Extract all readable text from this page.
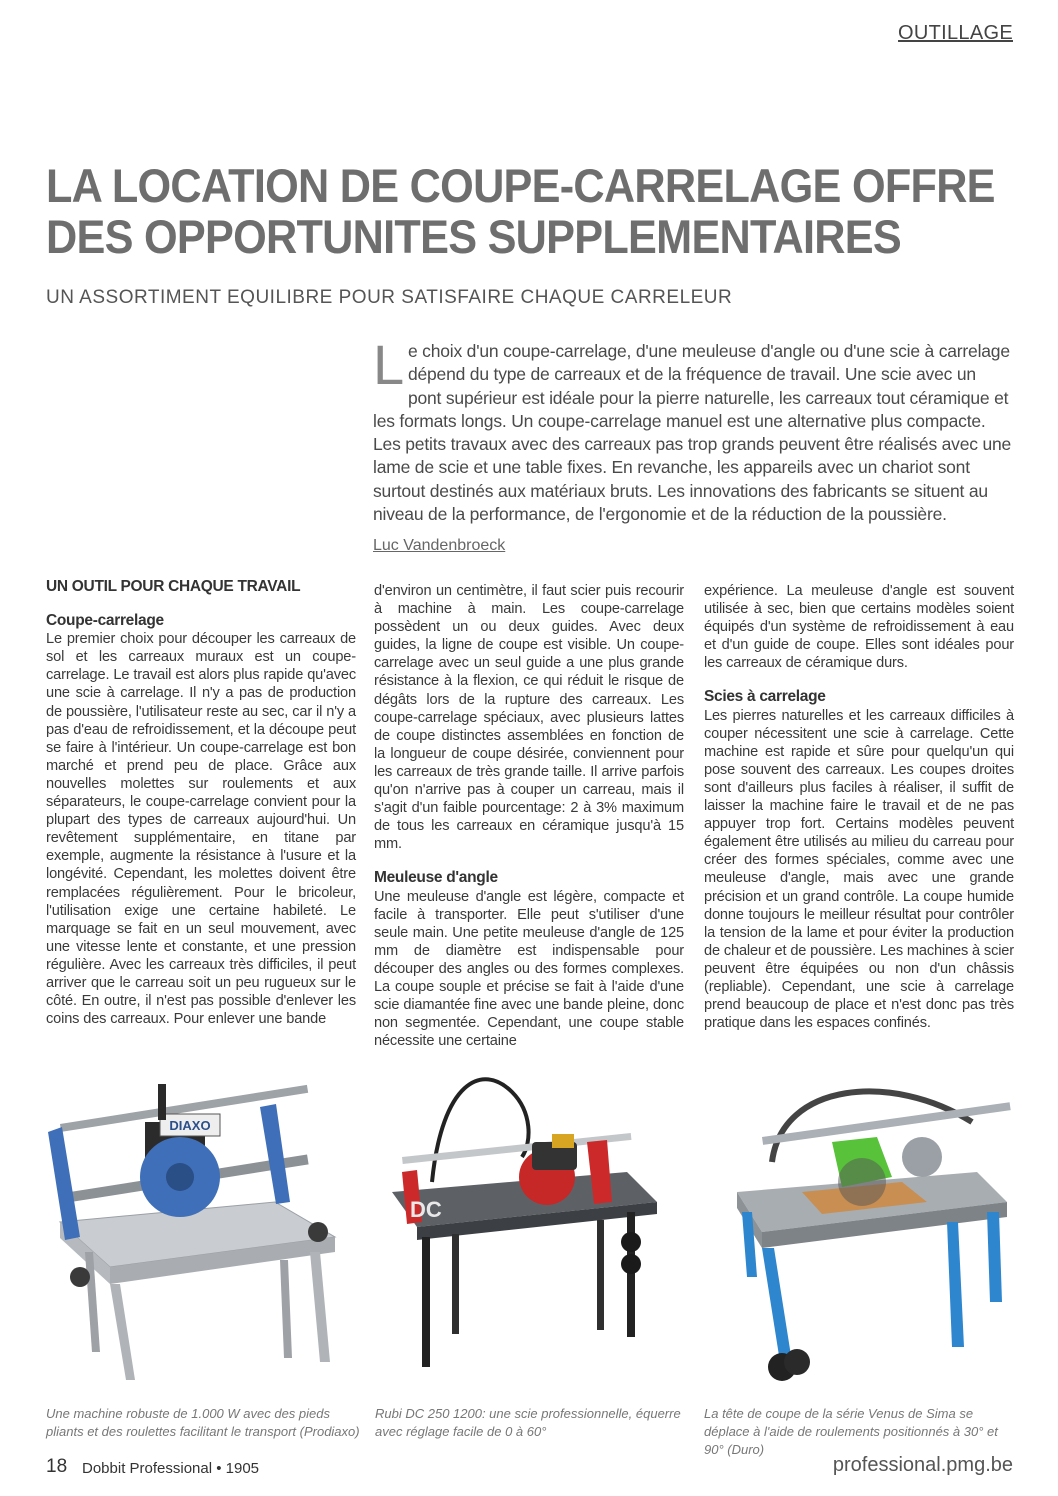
OUTILLAGE
LA LOCATION DE COUPE-CARRELAGE OFFRE
DES OPPORTUNITES SUPPLEMENTAIRES
UN ASSORTIMENT EQUILIBRE POUR SATISFAIRE CHAQUE CARRELEUR
L e choix d'un coupe-carrelage, d'une meuleuse d'angle ou d'une scie à carrelage dépend du type de carreaux et de la fréquence de travail. Une scie avec un pont supérieur est idéale pour la pierre naturelle, les carreaux tout céramique et les formats longs. Un coupe-carrelage manuel est une alternative plus compacte. Les petits travaux avec des carreaux pas trop grands peuvent être réalisés avec une lame de scie et une table fixes. En revanche, les appareils avec un chariot sont surtout destinés aux matériaux bruts. Les innovations des fabricants se situent au niveau de la performance, de l'ergonomie et de la réduction de la poussière.
Luc Vandenbroeck
UN OUTIL POUR CHAQUE TRAVAIL
Coupe-carrelage

Le premier choix pour découper les carreaux de sol et les carreaux muraux est un coupe-carrelage. Le travail est alors plus rapide qu'avec une scie à carrelage. Il n'y a pas de production de poussière, l'utilisateur reste au sec, car il n'y a pas d'eau de refroidissement, et la découpe peut se faire à l'intérieur. Un coupe-carrelage est bon marché et prend peu de place. Grâce aux nouvelles molettes sur roulements et aux séparateurs, le coupe-carrelage convient pour la plupart des types de carreaux aujourd'hui. Un revêtement supplémentaire, en titane par exemple, augmente la résistance à l'usure et la longévité. Cependant, les molettes doivent être remplacées régulièrement. Pour le bricoleur, l'utilisation exige une certaine habileté. Le marquage se fait en un seul mouvement, avec une vitesse lente et constante, et une pression régulière. Avec les carreaux très difficiles, il peut arriver que le carreau soit un peu rugueux sur le côté. En outre, il n'est pas possible d'enlever les coins des carreaux. Pour enlever une bande

d'environ un centimètre, il faut scier puis recourir à machine à main. Les coupe-carrelage possèdent un ou deux guides. Avec deux guides, la ligne de coupe est visible. Un coupe-carrelage avec un seul guide a une plus grande résistance à la flexion, ce qui réduit le risque de dégâts lors de la rupture des carreaux. Les coupe-carrelage spéciaux, avec plusieurs lattes de coupe distinctes assemblées en fonction de la longueur de coupe désirée, conviennent pour les carreaux de très grande taille. Il arrive parfois qu'on n'arrive pas à couper un carreau, mais il s'agit d'un faible pourcentage: 2 à 3% maximum de tous les carreaux en céramique jusqu'à 15 mm.

Meuleuse d'angle

Une meuleuse d'angle est légère, compacte et facile à transporter. Elle peut s'utiliser d'une seule main. Une petite meuleuse d'angle de 125 mm de diamètre est indispensable pour découper des angles ou des formes complexes. La coupe souple et précise se fait à l'aide d'une scie diamantée fine avec une bande pleine, donc non segmentée. Cependant, une coupe stable nécessite une certaine

expérience. La meuleuse d'angle est souvent utilisée à sec, bien que certains modèles soient équipés d'un système de refroidissement à eau et d'un guide de coupe. Elles sont idéales pour les carreaux de céramique durs.

Scies à carrelage

Les pierres naturelles et les carreaux difficiles à couper nécessitent une scie à carrelage. Cette machine est rapide et sûre pour quelqu'un qui pose souvent des carreaux. Les coupes droites sont d'ailleurs plus faciles à réaliser, il suffit de laisser la machine faire le travail et de ne pas appuyer trop fort. Certains modèles peuvent également être utilisés au milieu du carreau pour créer des formes spéciales, comme avec une meuleuse d'angle, mais avec une grande précision et un grand contrôle. La coupe humide donne toujours le meilleur résultat pour contrôler la tension de la lame et pour éviter la production de chaleur et de poussière. Les machines à scier peuvent être équipées ou non d'un châssis (repliable). Cependant, une scie à carrelage prend beaucoup de place et n'est donc pas très pratique dans les espaces confinés.

DIAXO
DC
Une machine robuste de 1.000 W avec des pieds pliants et des roulettes facilitant le transport (Prodiaxo)
Rubi DC 250 1200: une scie professionnelle, équerre avec réglage facile de 0 à 60°
La tête de coupe de la série Venus de Sima se déplace à l'aide de roulements positionnés à 30° et 90° (Duro)
18 Dobbit Professional • 1905	professional.pmg.be
